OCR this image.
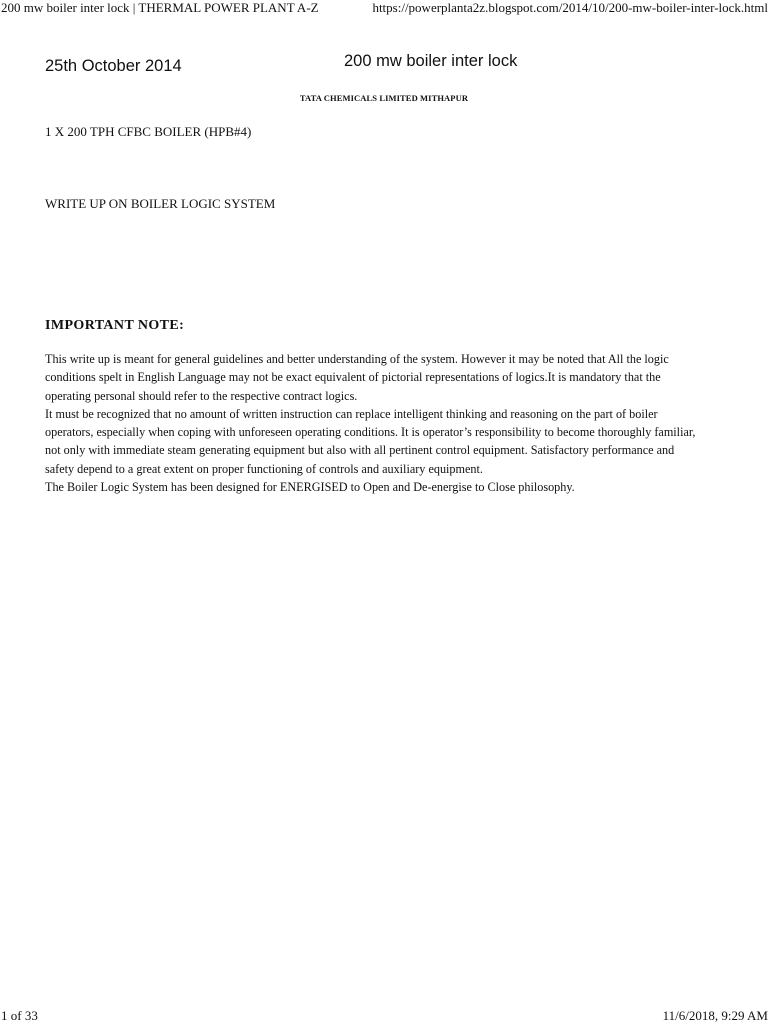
200 mw boiler inter lock | THERMAL POWER PLANT A-Z	https://powerplanta2z.blogspot.com/2014/10/200-mw-boiler-inter-lock.html
25th October 2014	200 mw boiler inter lock
TATA CHEMICALS LIMITED MITHAPUR
1 X 200 TPH CFBC BOILER (HPB#4)
WRITE UP ON BOILER LOGIC SYSTEM
IMPORTANT NOTE:
This write up is meant for general guidelines and better understanding of the system. However it may be noted that All the logic
conditions spelt in English Language may not be exact equivalent of pictorial representations of logics.It is mandatory that the
operating personal should refer to the respective contract logics.
It must be recognized that no amount of written instruction can replace intelligent thinking and reasoning on the part of boiler
operators, especially when coping with unforeseen operating conditions. It is operator’s responsibility to become thoroughly familiar,
not only with immediate steam generating equipment but also with all pertinent control equipment. Satisfactory performance and
safety depend to a great extent on proper functioning of controls and auxiliary equipment.
The Boiler Logic System has been designed for ENERGISED to Open and De-energise to Close philosophy.
1 of 33	11/6/2018, 9:29 AM
